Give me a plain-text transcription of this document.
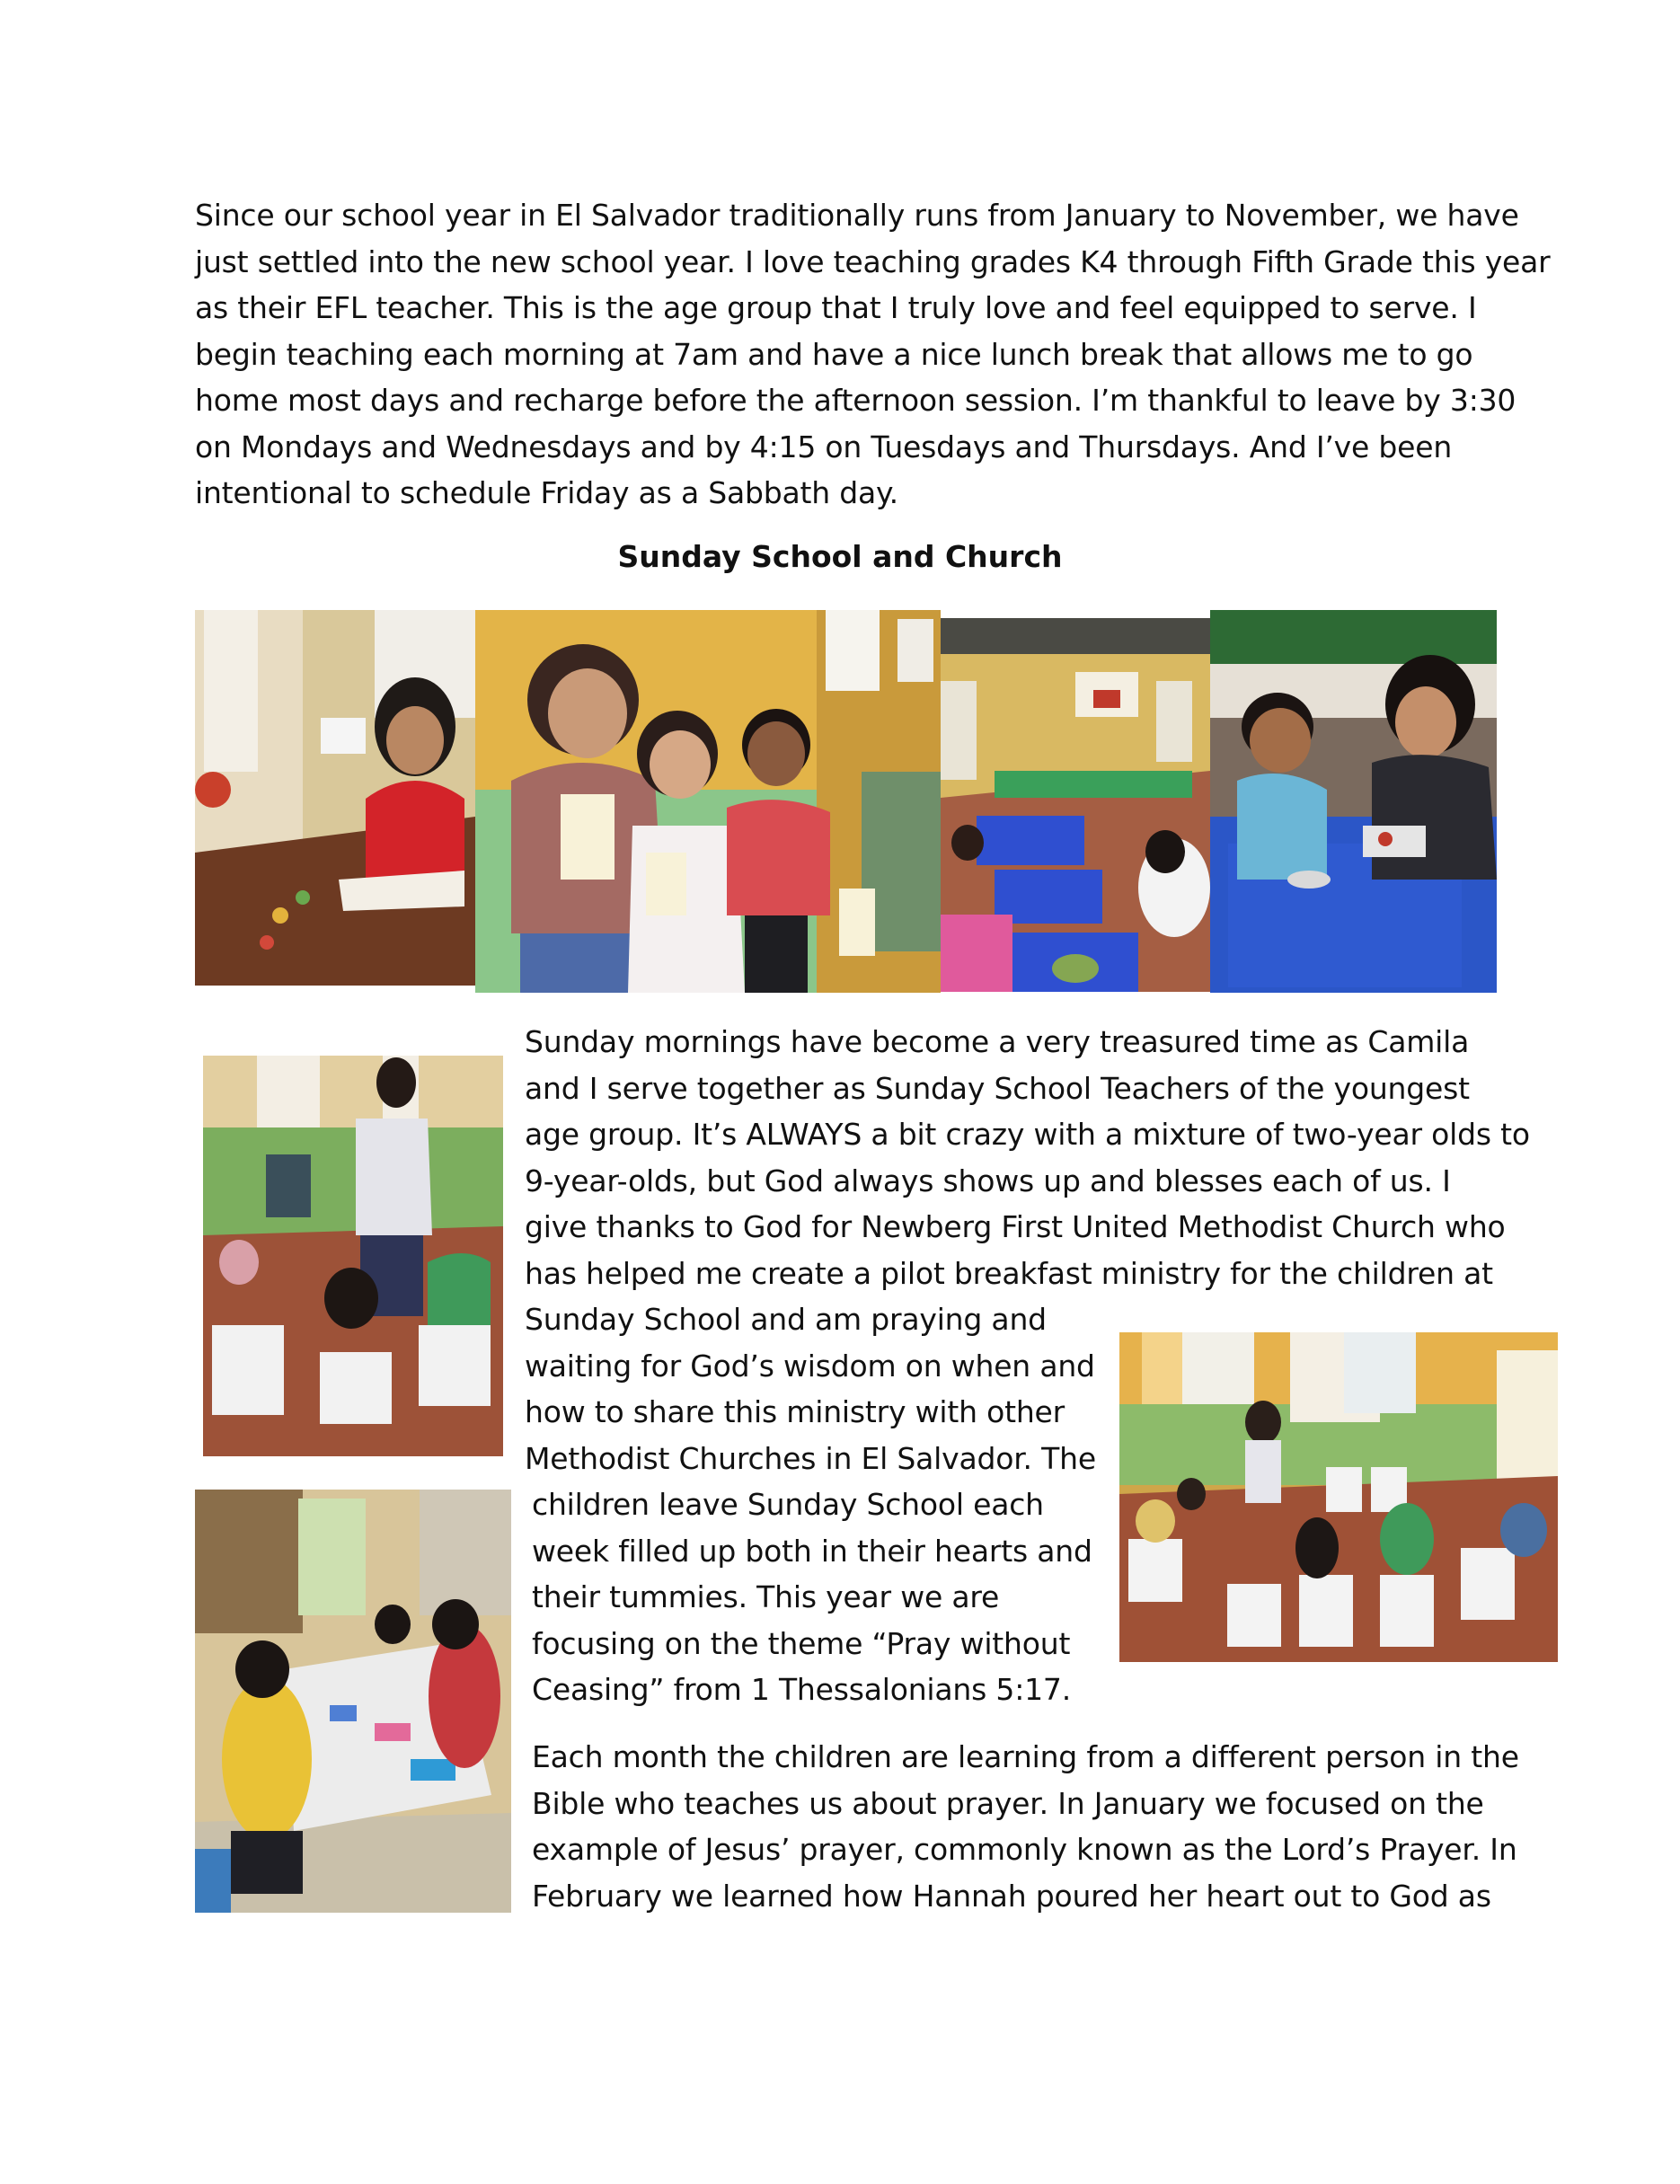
Since our school year in El Salvador traditionally runs from January to November, we have
just settled into the new school year. I love teaching grades K4 through Fifth Grade this year
as their EFL teacher. This is the age group that I truly love and feel equipped to serve. I
begin teaching each morning at 7am and have a nice lunch break that allows me to go
home most days and recharge before the afternoon session. I’m thankful to leave by 3:30
on Mondays and Wednesdays and by 4:15 on Tuesdays and Thursdays. And I’ve been
intentional to schedule Friday as a Sabbath day.
Sunday School and Church
Sunday mornings have become a very treasured time as Camila
and I serve together as Sunday School Teachers of the youngest
age group. It’s ALWAYS a bit crazy with a mixture of two-year olds to
9-year-olds, but God always shows up and blesses each of us. I
give thanks to God for Newberg First United Methodist Church who
has helped me create a pilot breakfast ministry for the children at
Sunday School and am praying and
waiting for God’s wisdom on when and
how to share this ministry with other
Methodist Churches in El Salvador. The
children leave Sunday School each
week filled up both in their hearts and
their tummies. This year we are
focusing on the theme “Pray without
Ceasing” from 1 Thessalonians 5:17.
Each month the children are learning from a different person in the
Bible who teaches us about prayer. In January we focused on the
example of Jesus’ prayer, commonly known as the Lord’s Prayer. In
February we learned how Hannah poured her heart out to God as
